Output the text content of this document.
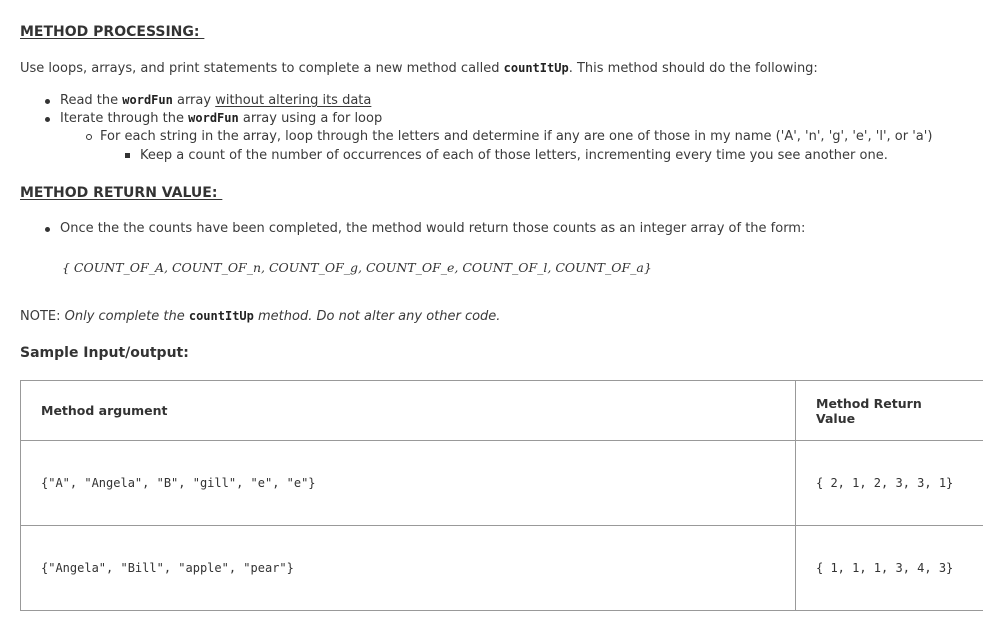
METHOD PROCESSING:
Use loops, arrays, and print statements to complete a new method called countItUp. This method should do the following:
Read the wordFun array without altering its data
Iterate through the wordFun array using a for loop
For each string in the array, loop through the letters and determine if any are one of those in my name ('A', 'n', 'g', 'e', 'l', or 'a')
Keep a count of the number of occurrences of each of those letters, incrementing every time you see another one.
METHOD RETURN VALUE:
Once the the counts have been completed, the method would return those counts as an integer array of the form:
{ COUNT_OF_A, COUNT_OF_n, COUNT_OF_g, COUNT_OF_e, COUNT_OF_l, COUNT_OF_a}
NOTE: Only complete the countItUp method. Do not alter any other code.
Sample Input/output:
Method argument	Method Return Value
{"A", "Angela", "B", "gill", "e", "e"}	{ 2, 1, 2, 3, 3, 1}
{"Angela", "Bill", "apple", "pear"}	{ 1, 1, 1, 3, 4, 3}
